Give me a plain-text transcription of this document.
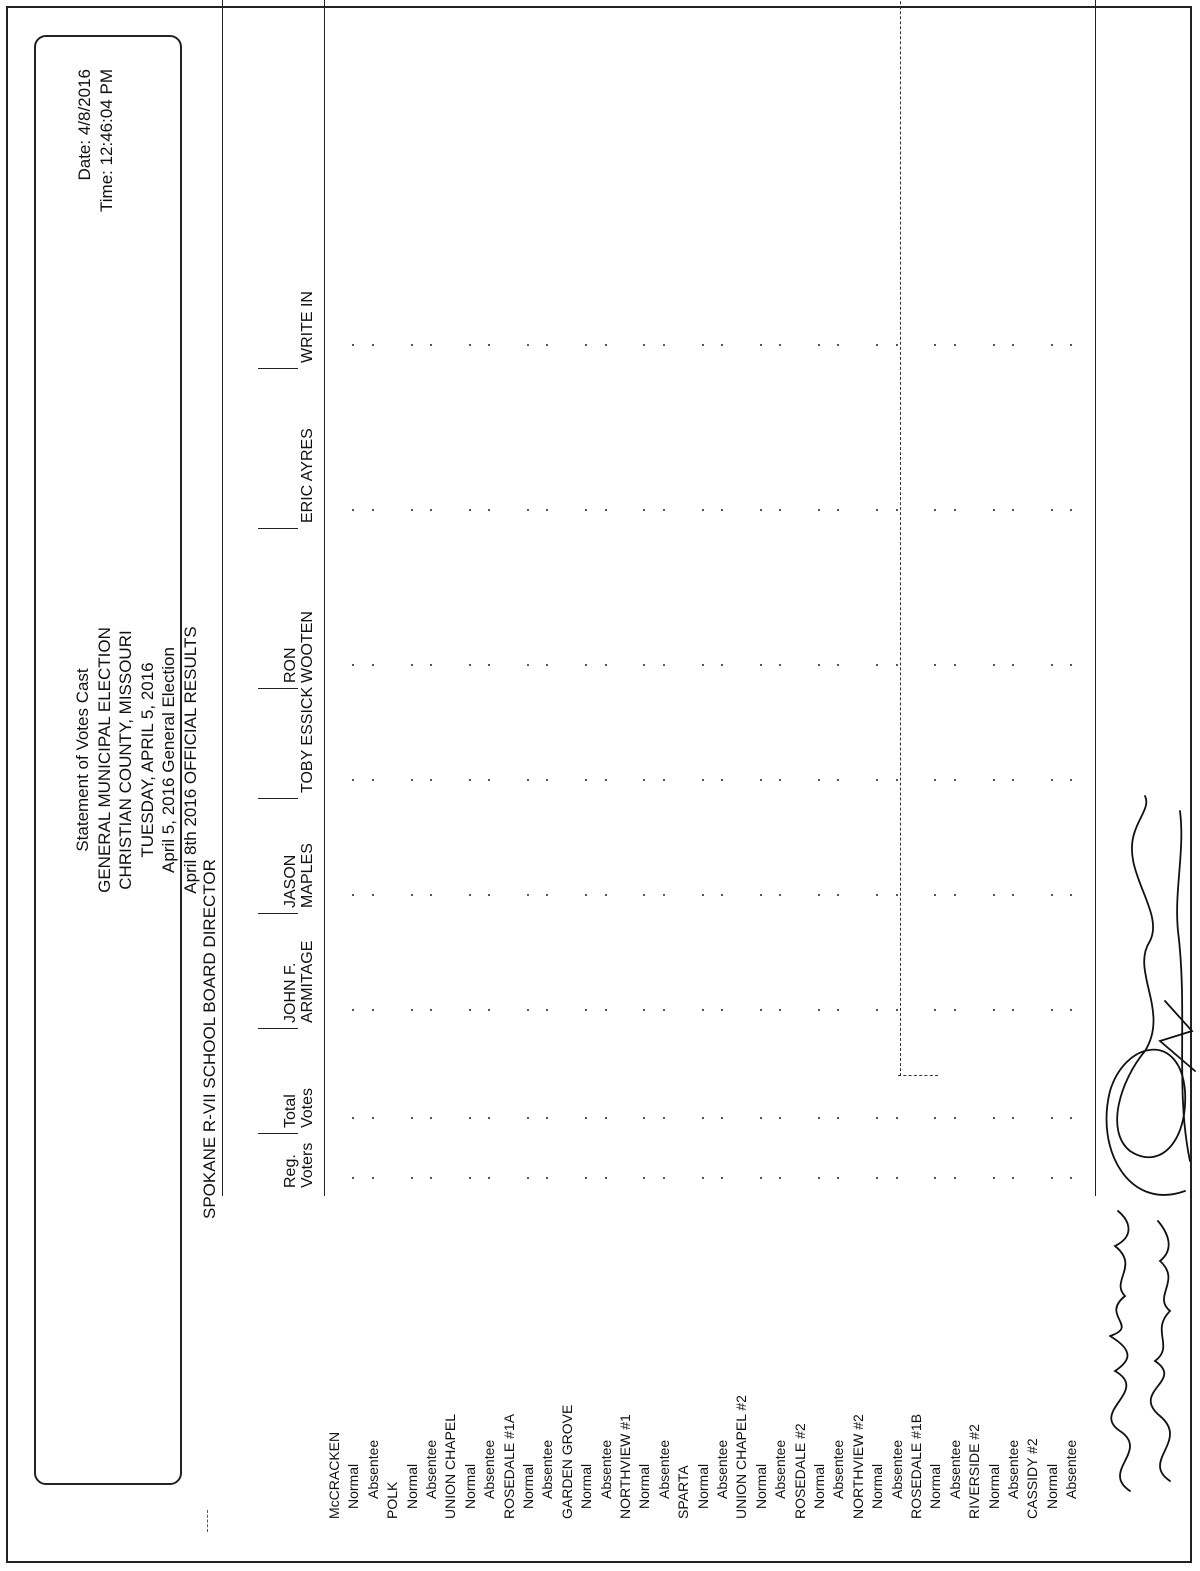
Statement of Votes Cast GENERAL MUNICIPAL ELECTION CHRISTIAN COUNTY, MISSOURI TUESDAY, APRIL 5, 2016 April 5, 2016 General Election April 8th 2016 OFFICIAL RESULTS
Date: 4/8/2016 Time: 12:46:04 PM
SPOKANE R-VII SCHOOL BOARD DIRECTOR	Reg. Voters
Total Votes
JOHN F. ARMITAGE
JASON MAPLES
TOBY ESSICK
RON WOOTEN
ERIC AYRES
WRITE IN
McCRACKEN Normal Absentee
POLK Normal Absentee UNION CHAPEL Normal Absentee ROSEDALE #1A Normal Absentee GARDEN GROVE Normal Absentee NORTHVIEW #1 Normal Absentee SPARTA Normal Absentee UNION CHAPEL #2 Normal Absentee ROSEDALE #2 Normal Absentee NORTHVIEW #2 Normal Absentee ROSEDALE #1B Normal Absentee RIVERSIDE #2 Normal Absentee CASSIDY #2 Normal Absentee
